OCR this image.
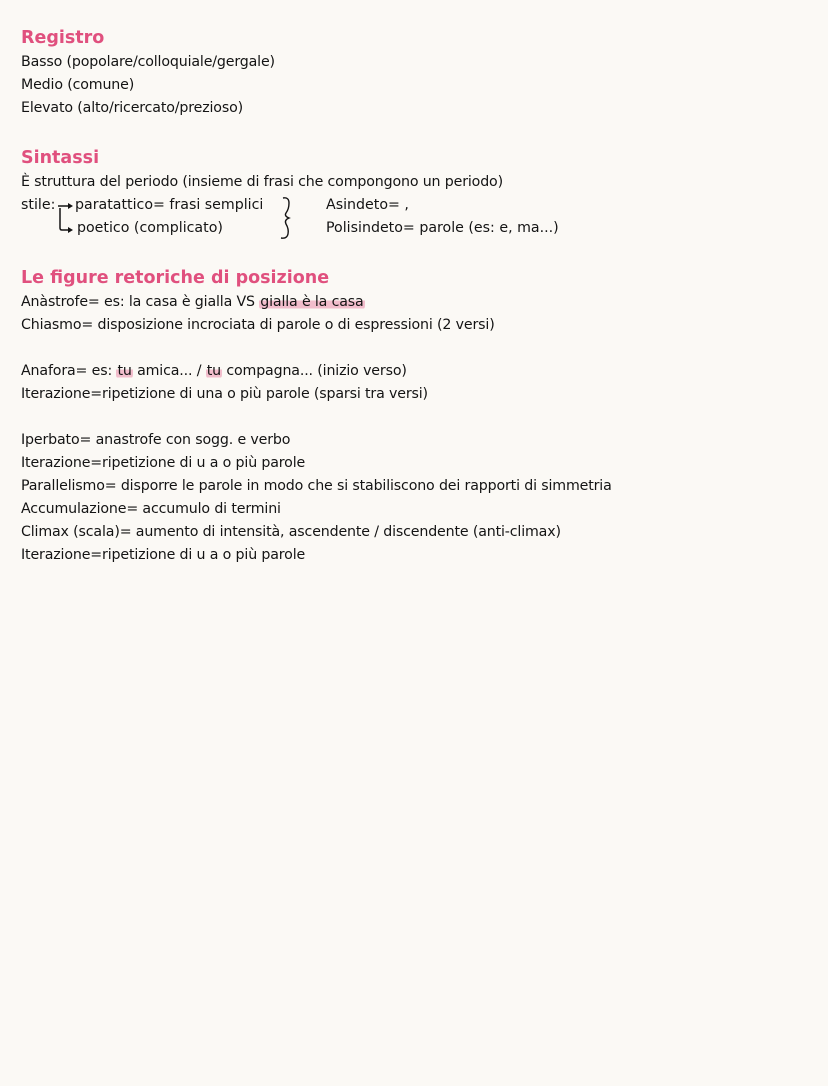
Registro
Basso (popolare/colloquiale/gergale)
Medio (comune)
Elevato (alto/ricercato/prezioso)
Sintassi
È struttura del periodo (insieme di frasi che compongono un periodo)
stile: paratattico= frasi semplici
poetico (complicato)
Asindeto= ,
Polisindeto= parole (es: e, ma...)
Le figure retoriche di posizione
Anàstrofe= es: la casa è gialla VS gialla è la casa
Chiasmo= disposizione incrociata di parole o di espressioni (2 versi)
Anafora= es: tu amica... / tu compagna... (inizio verso)
Iterazione=ripetizione di una o più parole (sparsi tra versi)
Iperbato= anastrofe con sogg. e verbo
Iterazione=ripetizione di u a o più parole
Parallelismo= disporre le parole in modo che si stabiliscono dei rapporti di simmetria
Accumulazione= accumulo di termini
Climax (scala)= aumento di intensità, ascendente / discendente (anti-climax)
Iterazione=ripetizione di u a o più parole
